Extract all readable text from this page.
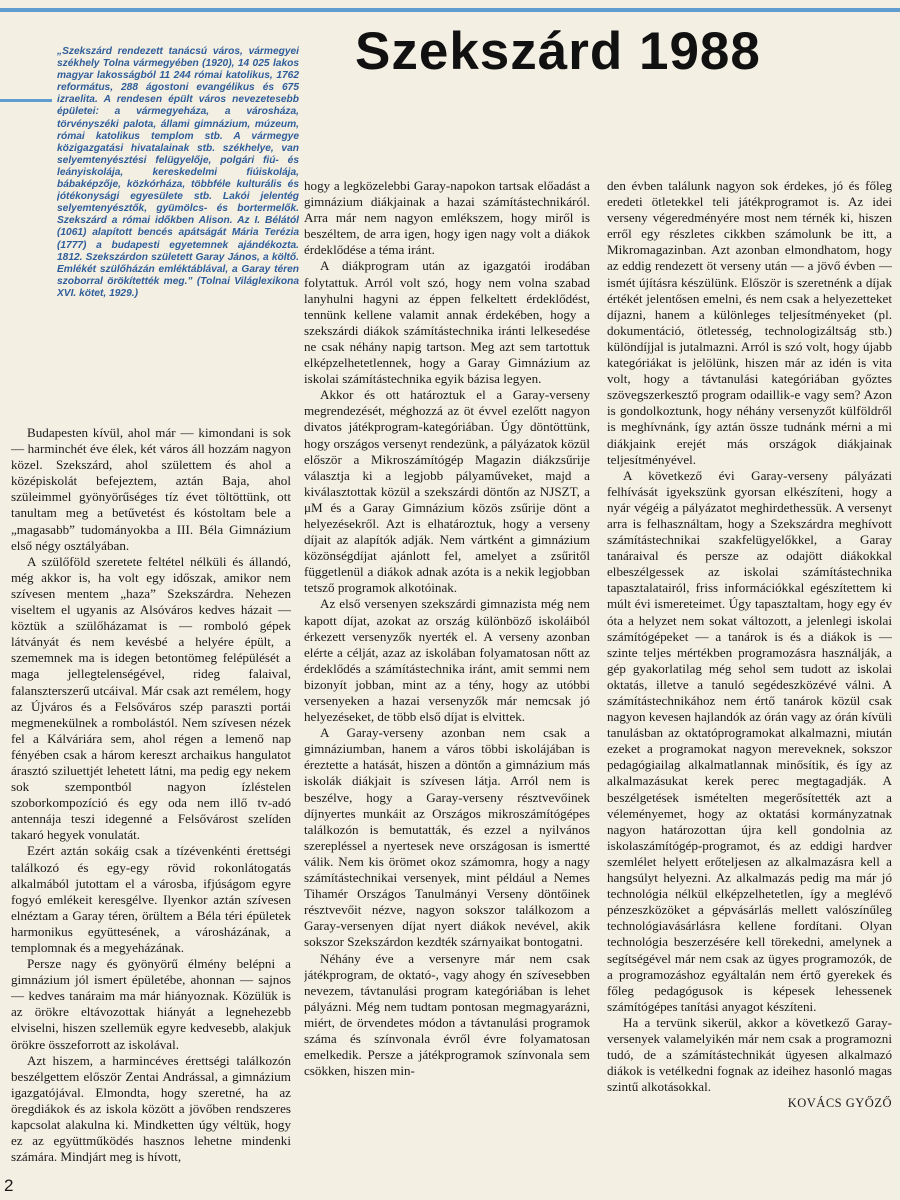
Szekszárd 1988

„Szekszárd rendezett tanácsú város, vármegyei székhely Tolna vármegyében (1920), 14 025 lakos magyar lakosságból 11 244 római katolikus, 1762 református, 288 ágostoni evangélikus és 675 izraelita. A rendesen épült város nevezetesebb épületei: a vármegyeháza, a városháza, törvényszéki palota, állami gimnázium, múzeum, római katolikus templom stb. A vármegye közigazgatási hivatalainak stb. székhelye, van selyemtenyésztési felügyelője, polgári fiú- és leányiskolája, kereskedelmi fiúiskolája, bábaképzője, közkórháza, többféle kulturális és jótékonysági egyesülete stb. Lakói jelentég selyemtenyésztők, gyümölcs- és bortermelők. Szekszárd a római időkben Alison. Az I. Bélától (1061) alapított bencés apátságát Mária Terézia (1777) a budapesti egyetemnek ajándékozta. 1812. Szekszárdon született Garay János, a költő. Emlékét szülőházán emléktáblával, a Garay téren szoborral örökítették meg.” (Tolnai Világlexikona XVI. kötet, 1929.)

Budapesten kívül, ahol már — kimondani is sok — harminchét éve élek, két város áll hozzám nagyon közel. Szekszárd, ahol születtem és ahol a középiskolát befejeztem, aztán Baja, ahol szüleimmel gyönyörűséges tíz évet töltöttünk, ott tanultam meg a betűvetést és kóstoltam bele a „magasabb” tudományokba a III. Béla Gimnázium első négy osztályában.

A szülőföld szeretete feltétel nélküli és állandó, még akkor is, ha volt egy időszak, amikor nem szívesen mentem „haza” Szekszárdra. Nehezen viseltem el ugyanis az Alsóváros kedves házait — köztük a szülőházamat is — romboló gépek látványát és nem kevésbé a helyére épült, a szememnek ma is idegen betontömeg felépülését a maga jellegtelenségével, rideg falaival, falanszterszerű utcáival. Már csak azt remélem, hogy az Újváros és a Felsőváros szép paraszti portái megmenekülnek a rombolástól. Nem szívesen nézek fel a Kálváriára sem, ahol régen a lemenő nap fényében csak a három kereszt archaikus hangulatot árasztó sziluettjét lehetett látni, ma pedig egy nekem sok szempontból nagyon ízléstelen szoborkompozíció és egy oda nem illő tv-adó antennája teszi idegenné a Felsővárost szelíden takaró hegyek vonulatát.

Ezért aztán sokáig csak a tízévenkénti érettségi találkozó és egy-egy rövid rokonlátogatás alkalmából jutottam el a városba, ifjúságom egyre fogyó emlékeit keresgélve. Ilyenkor aztán szívesen elnéztam a Garay téren, örültem a Béla téri épületek harmonikus együttesének, a városházának, a templomnak és a megyeházának.

Persze nagy és gyönyörű élmény belépni a gimnázium jól ismert épületébe, ahonnan — sajnos — kedves tanáraim ma már hiányoznak. Közülük is az örökre eltávozottak hiányát a legnehezebb elviselni, hiszen szellemük egyre kedvesebb, alakjuk örökre összeforrott az iskolával.

Azt hiszem, a harmincéves érettségi találkozón beszélgettem először Zentai Andrással, a gimnázium igazgatójával. Elmondta, hogy szeretné, ha az öregdiákok és az iskola között a jövőben rendszeres kapcsolat alakulna ki. Mindketten úgy véltük, hogy ez az együttműködés hasznos lehetne mindenki számára. Mindjárt meg is hívott,

hogy a legközelebbi Garay-napokon tartsak előadást a gimnázium diákjainak a hazai számítástechnikáról. Arra már nem nagyon emlékszem, hogy miről is beszéltem, de arra igen, hogy igen nagy volt a diákok érdeklődése a téma iránt.

A diákprogram után az igazgatói irodában folytattuk. Arról volt szó, hogy nem volna szabad lanyhulni hagyni az éppen felkeltett érdeklődést, tennünk kellene valamit annak érdekében, hogy a szekszárdi diákok számítástechnika iránti lelkesedése ne csak néhány napig tartson. Meg azt sem tartottuk elképzelhetetlennek, hogy a Garay Gimnázium az iskolai számítástechnika egyik bázisa legyen.

Akkor és ott határoztuk el a Garay-verseny megrendezését, méghozzá az öt évvel ezelőtt nagyon divatos játékprogram-kategóriában. Úgy döntöttünk, hogy országos versenyt rendezünk, a pályázatok közül először a Mikroszámítógép Magazin diákzsűrije választja ki a legjobb pályaműveket, majd a kiválasztottak közül a szekszárdi döntőn az NJSZT, a μM és a Garay Gimnázium közös zsűrije dönt a helyezésekről. Azt is elhatároztuk, hogy a verseny díjait az alapítók adják. Nem vártként a gimnázium közönségdíjat ajánlott fel, amelyet a zsűritől függetlenül a diákok adnak azóta is a nekik legjobban tetsző programok alkotóinak.

Az első versenyen szekszárdi gimnazista még nem kapott díjat, azokat az ország különböző iskoláiból érkezett versenyzők nyerték el. A verseny azonban elérte a célját, azaz az iskolában folyamatosan nőtt az érdeklődés a számítástechnika iránt, amit semmi nem bizonyít jobban, mint az a tény, hogy az utóbbi versenyeken a hazai versenyzők már nemcsak jó helyezéseket, de több első díjat is elvittek.

A Garay-verseny azonban nem csak a gimnáziumban, hanem a város többi iskolájában is éreztette a hatását, hiszen a döntőn a gimnázium más iskolák diákjait is szívesen látja. Arról nem is beszélve, hogy a Garay-verseny résztvevőinek díjnyertes munkáit az Országos mikroszámítógépes találkozón is bemutatták, és ezzel a nyilvános szerepléssel a nyertesek neve országosan is ismertté válik. Nem kis örömet okoz számomra, hogy a nagy számítástechnikai versenyek, mint például a Nemes Tihamér Országos Tanulmányi Verseny döntőinek résztvevőit nézve, nagyon sokszor találkozom a Garay-versenyen díjat nyert diákok nevével, akik sokszor Szekszárdon kezdték szárnyaikat bontogatni.

Néhány éve a versenyre már nem csak játékprogram, de oktató-, vagy ahogy én szívesebben nevezem, távtanulási program kategóriában is lehet pályázni. Még nem tudtam pontosan megmagyarázni, miért, de örvendetes módon a távtanulási programok száma és színvonala évről évre folyamatosan emelkedik. Persze a játékprogramok színvonala sem csökken, hiszen min-

den évben találunk nagyon sok érdekes, jó és főleg eredeti ötletekkel teli játékprogramot is. Az idei verseny végeredményére most nem térnék ki, hiszen erről egy részletes cikkben számolunk be itt, a Mikromagazinban. Azt azonban elmondhatom, hogy az eddig rendezett öt verseny után — a jövő évben — ismét újításra készülünk. Először is szeretnénk a díjak értékét jelentősen emelni, és nem csak a helyezetteket díjazni, hanem a különleges teljesítményeket (pl. dokumentáció, ötletesség, technologizáltság stb.) különdíjjal is jutalmazni. Arról is szó volt, hogy újabb kategóriákat is jelölünk, hiszen már az idén is vita volt, hogy a távtanulási kategóriában győztes szövegszerkesztő program odaillik-e vagy sem? Azon is gondolkoztunk, hogy néhány versenyzőt külföldről is meghívnánk, így aztán össze tudnánk mérni a mi diákjaink erejét más országok diákjainak teljesítményével.

A következő évi Garay-verseny pályázati felhívását igyekszünk gyorsan elkészíteni, hogy a nyár végéig a pályázatot meghirdethessük. A versenyt arra is felhasználtam, hogy a Szekszárdra meghívott számítástechnikai szakfelügyelőkkel, a Garay tanáraival és persze az odajött diákokkal elbeszélgessek az iskolai számítástechnika tapasztalatairól, friss információkkal egészítettem ki múlt évi ismereteimet. Úgy tapasztaltam, hogy egy év óta a helyzet nem sokat változott, a jelenlegi iskolai számítógépeket — a tanárok is és a diákok is — szinte teljes mértékben programozásra használják, a gép gyakorlatilag még sehol sem tudott az iskolai oktatás, illetve a tanuló segédeszközévé válni. A számítástechnikához nem értő tanárok közül csak nagyon kevesen hajlandók az órán vagy az órán kívüli tanulásban az oktatóprogramokat alkalmazni, miután ezeket a programokat nagyon mereveknek, sokszor pedagógiailag alkalmatlannak minősítik, és így az alkalmazásukat kerek perec megtagadják. A beszélgetések ismételten megerősítették azt a véleményemet, hogy az oktatási kormányzatnak nagyon határozottan újra kell gondolnia az iskolaszámítógép-programot, és az eddigi hardver szemlélet helyett erőteljesen az alkalmazásra kell a hangsúlyt helyezni. Az alkalmazás pedig ma már jó technológia nélkül elképzelhetetlen, így a meglévő pénzeszközöket a gépvásárlás mellett valószínűleg technológiavásárlásra kellene fordítani. Olyan technológia beszerzésére kell törekedni, amelynek a segítségével már nem csak az ügyes programozók, de a programozáshoz egyáltalán nem értő gyerekek és főleg pedagógusok is képesek lehessenek számítógépes tanítási anyagot készíteni.

Ha a tervünk sikerül, akkor a következő Garay-versenyek valamelyikén már nem csak a programozni tudó, de a számítástechnikát ügyesen alkalmazó diákok is vetélkedni fognak az ideihez hasonló magas szintű alkotásokkal.

KOVÁCS GYŐZŐ

2
